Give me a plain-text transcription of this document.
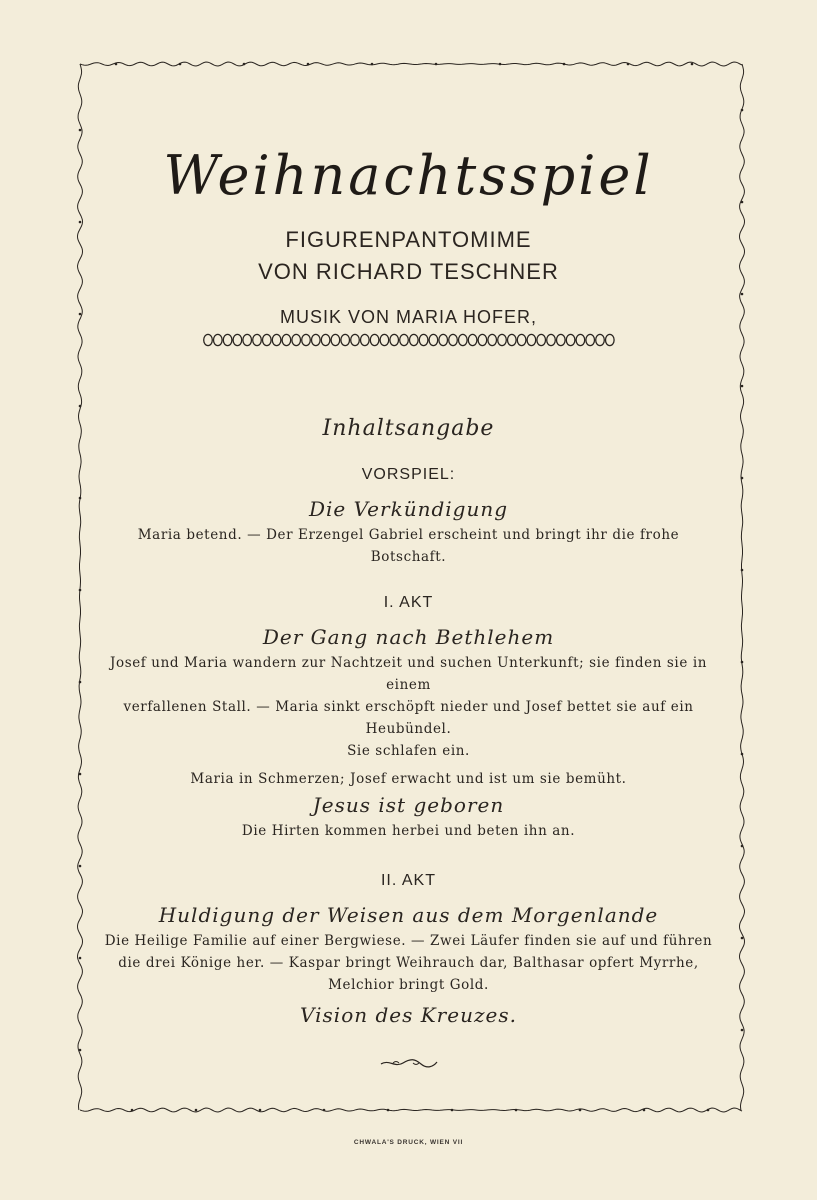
Weihnachtsspiel
FIGURENPANTOMIME
VON RICHARD TESCHNER
MUSIK VON MARIA HOFER,
Inhaltsangabe
VORSPIEL:
Die Verkündigung
Maria betend. — Der Erzengel Gabriel erscheint und bringt ihr die frohe Botschaft.
I. AKT
Der Gang nach Bethlehem
Josef und Maria wandern zur Nachtzeit und suchen Unterkunft; sie finden sie in einem
verfallenen Stall. — Maria sinkt erschöpft nieder und Josef bettet sie auf ein Heubündel.
Sie schlafen ein.
Maria in Schmerzen; Josef erwacht und ist um sie bemüht.
Jesus ist geboren
Die Hirten kommen herbei und beten ihn an.
II. AKT
Huldigung der Weisen aus dem Morgenlande
Die Heilige Familie auf einer Bergwiese. — Zwei Läufer finden sie auf und führen
die drei Könige her. — Kaspar bringt Weihrauch dar, Balthasar opfert Myrrhe,
Melchior bringt Gold.
Vision des Kreuzes.
CHWALA'S DRUCK, WIEN VII
